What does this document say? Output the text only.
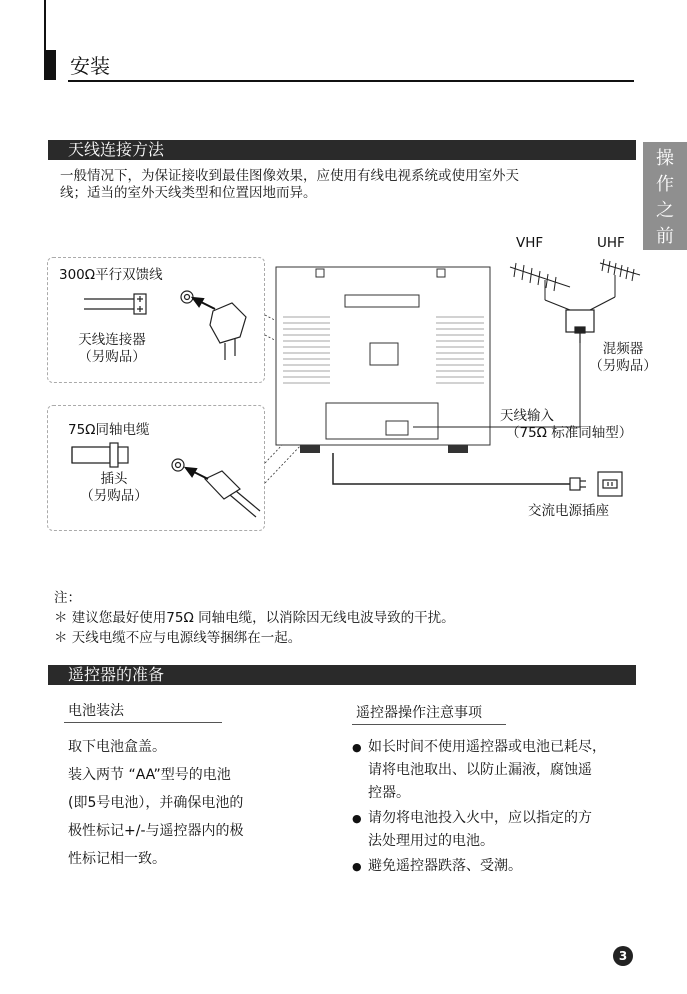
安装
操
作
之
前
天线连接方法
一般情况下，为保证接收到最佳图像效果，应使用有线电视系统或使用室外天
线；适当的室外天线类型和位置因地而异。
300Ω平行双馈线
天线连接器
（另购品）
75Ω同轴电缆
插头
（另购品）
VHF	UHF
混频器
（另购品）
天线输入
（75Ω 标准同轴型）
交流电源插座
注：
＊ 建议您最好使用75Ω 同轴电缆，以消除因无线电波导致的干扰。
＊ 天线电缆不应与电源线等捆绑在一起。
遥控器的准备
电池装法
取下电池盒盖。
装入两节 “AA”型号的电池
(即5号电池），并确保电池的
极性标记+/-与遥控器内的极
性标记相一致。
遥控器操作注意事项
● 如长时间不使用遥控器或电池已耗尽，
请将电池取出、以防止漏液，腐蚀遥
控器。
● 请勿将电池投入火中，应以指定的方
法处理用过的电池。
● 避免遥控器跌落、受潮。
3
